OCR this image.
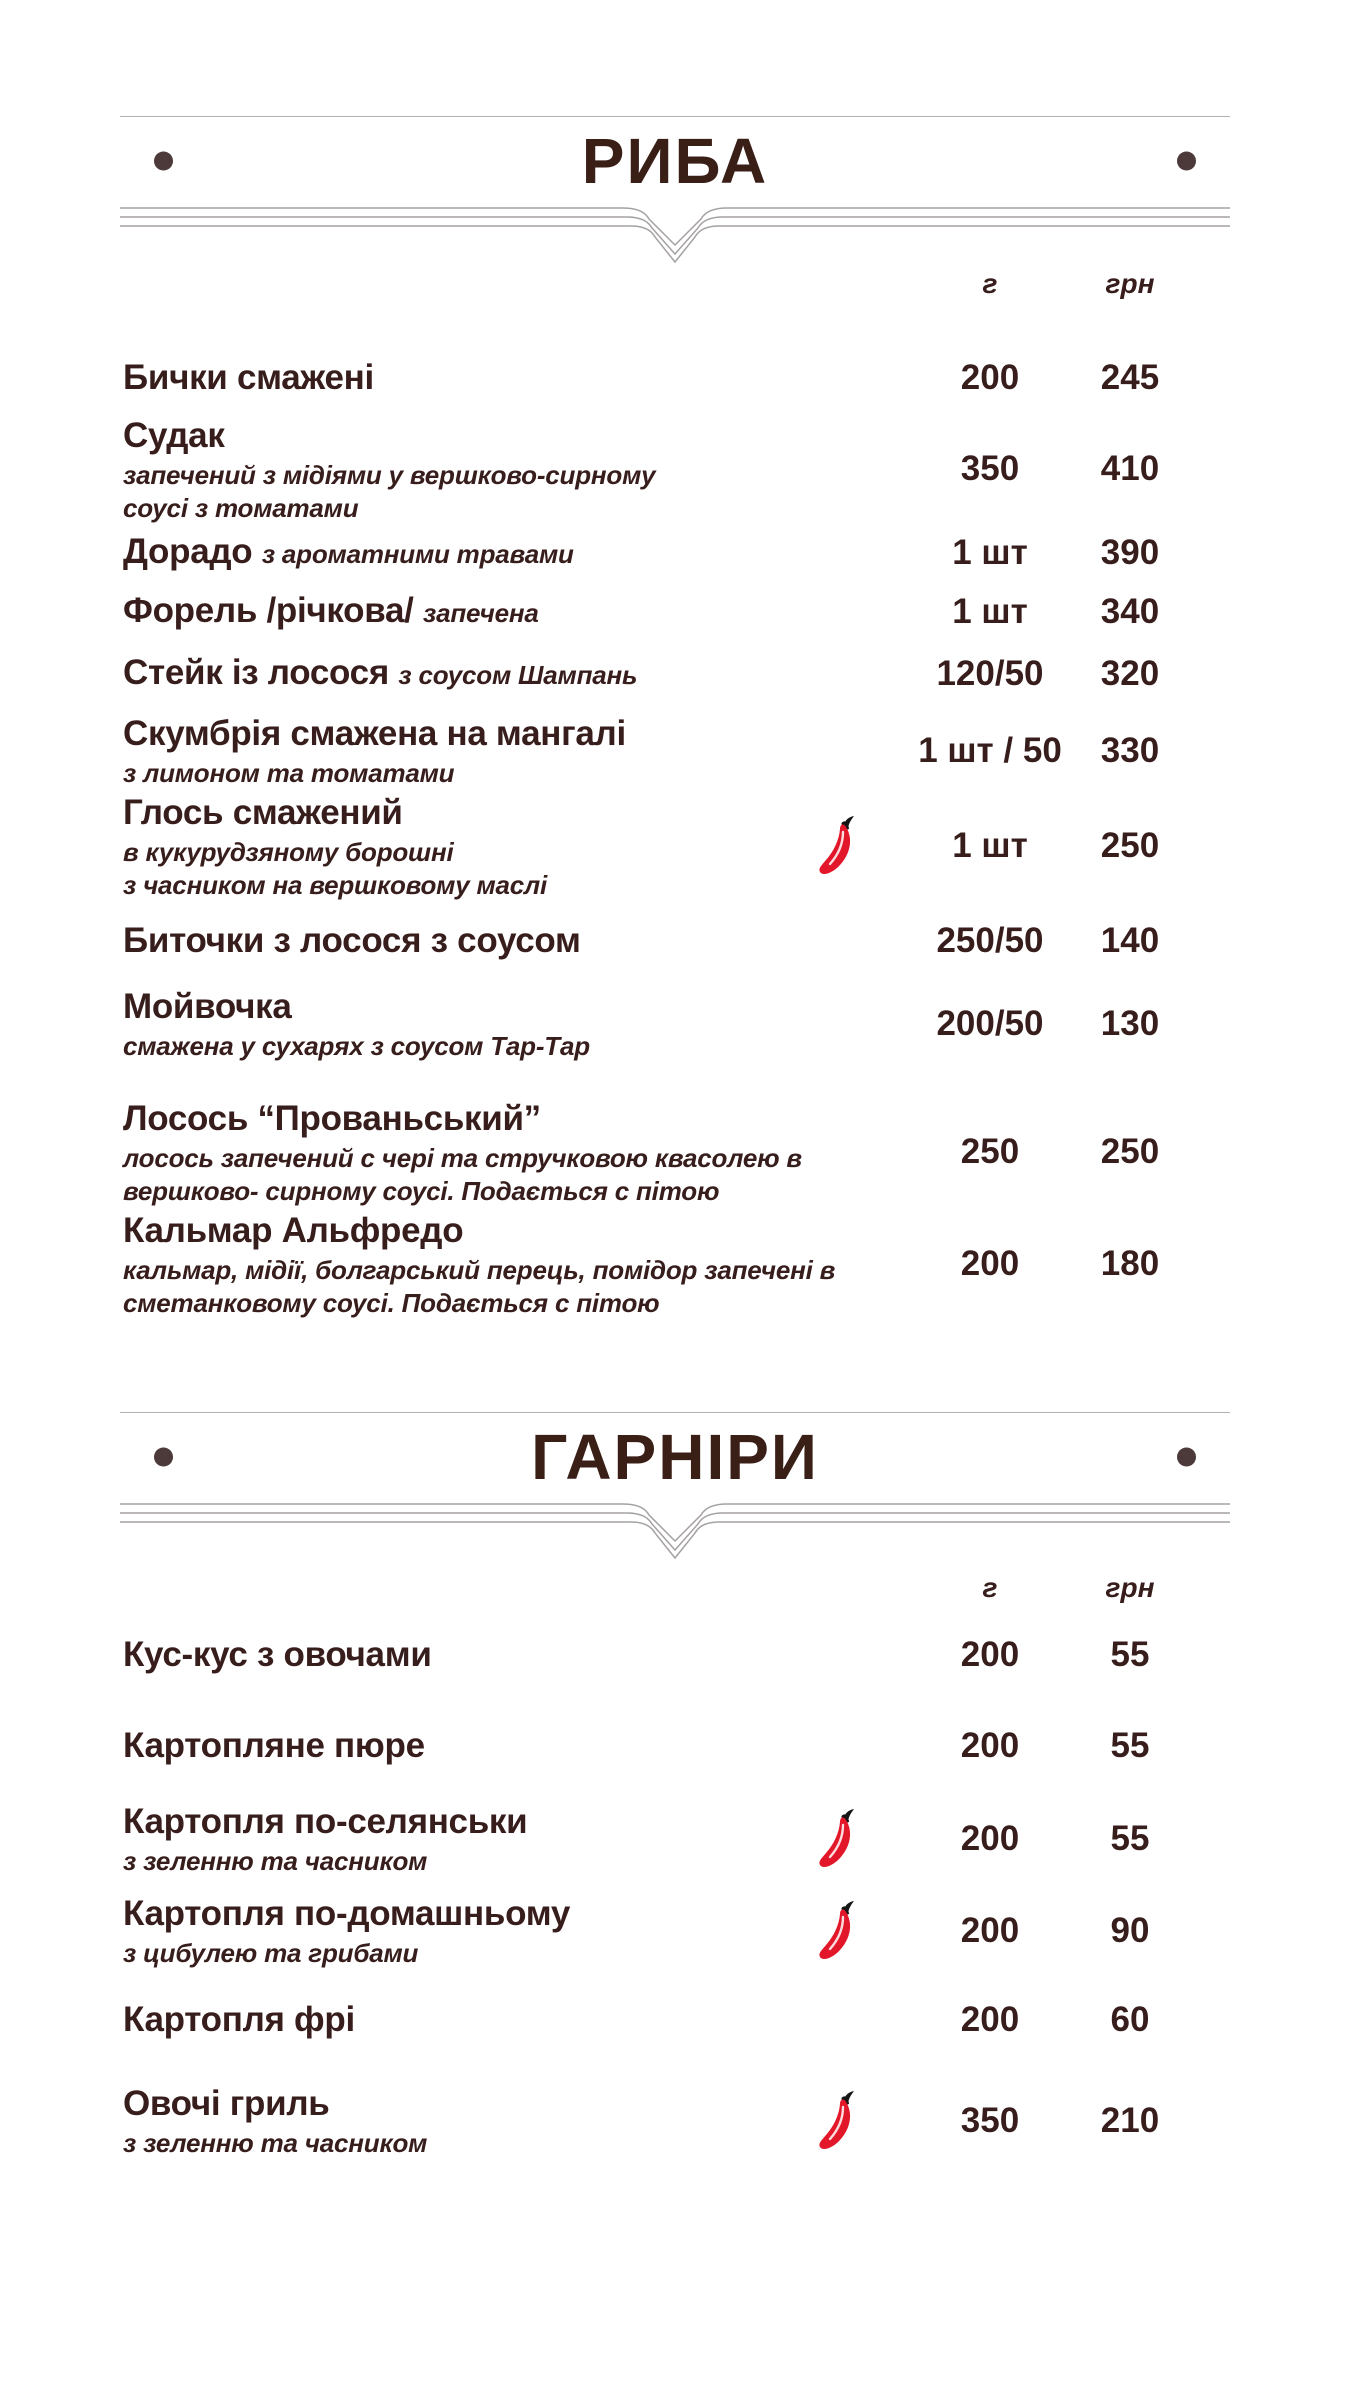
РИБА
г	грн
Бички смажені	200	245
Судак
запечений з мідіями у вершково-сирному
соусі з томатами
350	410
Дорадо з ароматними травами	1 шт	390
Форель /річкова/ запечена	1 шт	340
Стейк із лосося з соусом Шампань	120/50	320
Скумбрія смажена на мангалі
з лимоном та томатами
1 шт / 50	330
Глось смажений
в кукурудзяному борошні
з часником на вершковому маслі
1 шт	250
Биточки з лосося з соусом	250/50	140
Мойвочка
смажена у сухарях з соусом Тар-Тар
200/50	130
Лосось “Прованьський”
лосось запечений с чері та стручковою квасолею в
вершково- сирному соусі. Подається с пітою
250	250
Кальмар Альфредо
кальмар, мідії, болгарський перець, помідор запечені в
сметанковому соусі. Подається с пітою
200	180
ГАРНІРИ
г	грн
Кус-кус з овочами	200	55
Картопляне пюре	200	55
Картопля по-селянськи
з зеленню та часником
200	55
Картопля по-домашньому
з цибулею та грибами
200	90
Картопля фрі	200	60
Овочі гриль
з зеленню та часником
350	210
